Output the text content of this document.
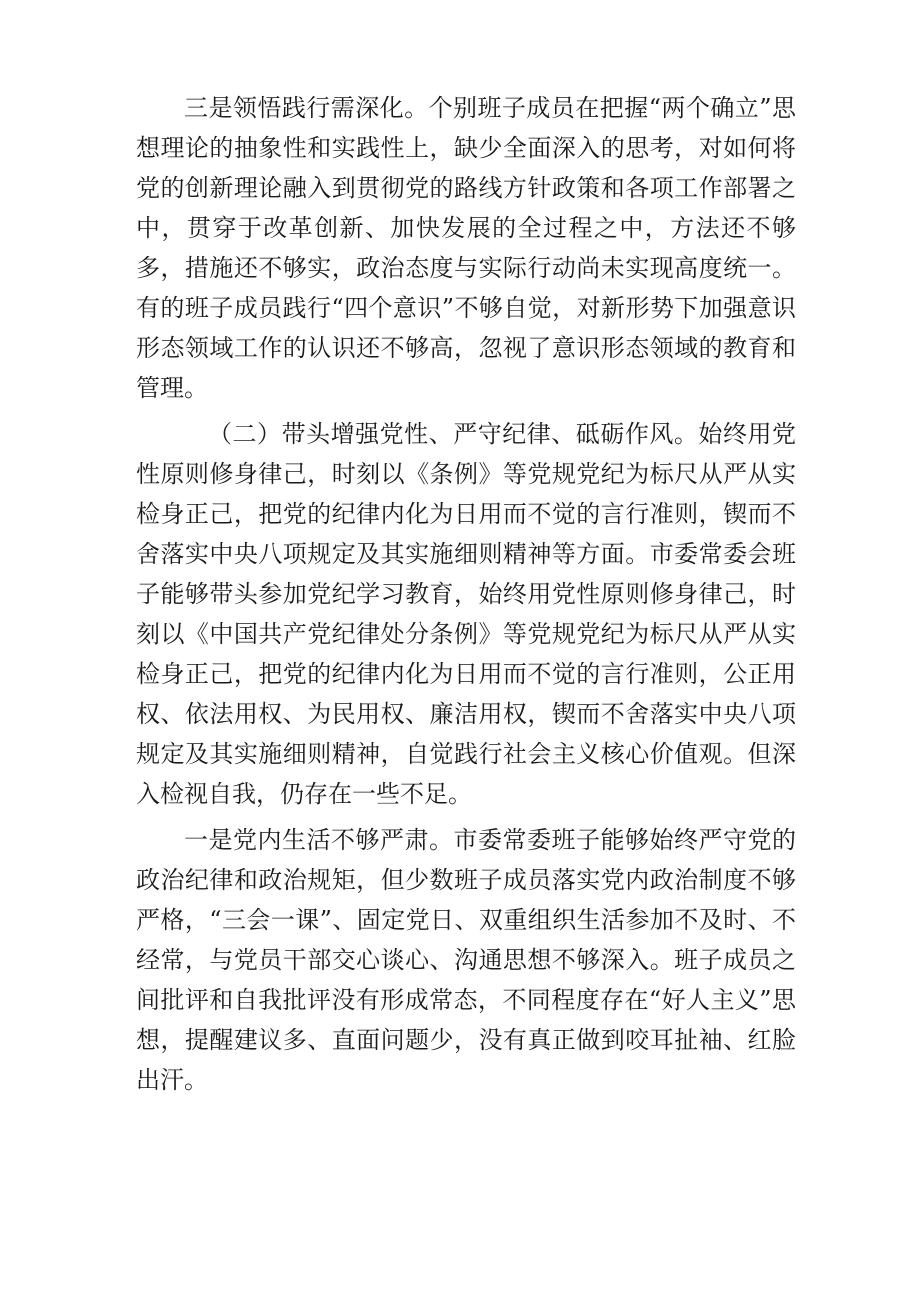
三是领悟践行需深化。个别班子成员在把握“两个确立”思想理论的抽象性和实践性上，缺少全面深入的思考，对如何将党的创新理论融入到贯彻党的路线方针政策和各项工作部署之中，贯穿于改革创新、加快发展的全过程之中，方法还不够多，措施还不够实，政治态度与实际行动尚未实现高度统一。有的班子成员践行“四个意识”不够自觉，对新形势下加强意识形态领域工作的认识还不够高，忽视了意识形态领域的教育和管理。

（二）带头增强党性、严守纪律、砥砺作风。始终用党性原则修身律己，时刻以《条例》等党规党纪为标尺从严从实检身正己，把党的纪律内化为日用而不觉的言行准则，锲而不舍落实中央八项规定及其实施细则精神等方面。市委常委会班子能够带头参加党纪学习教育，始终用党性原则修身律己，时刻以《中国共产党纪律处分条例》等党规党纪为标尺从严从实检身正己，把党的纪律内化为日用而不觉的言行准则，公正用权、依法用权、为民用权、廉洁用权，锲而不舍落实中央八项规定及其实施细则精神，自觉践行社会主义核心价值观。但深入检视自我，仍存在一些不足。

一是党内生活不够严肃。市委常委班子能够始终严守党的政治纪律和政治规矩，但少数班子成员落实党内政治制度不够严格，“三会一课”、固定党日、双重组织生活参加不及时、不经常，与党员干部交心谈心、沟通思想不够深入。班子成员之间批评和自我批评没有形成常态，不同程度存在“好人主义”思想，提醒建议多、直面问题少，没有真正做到咬耳扯袖、红脸出汗。
